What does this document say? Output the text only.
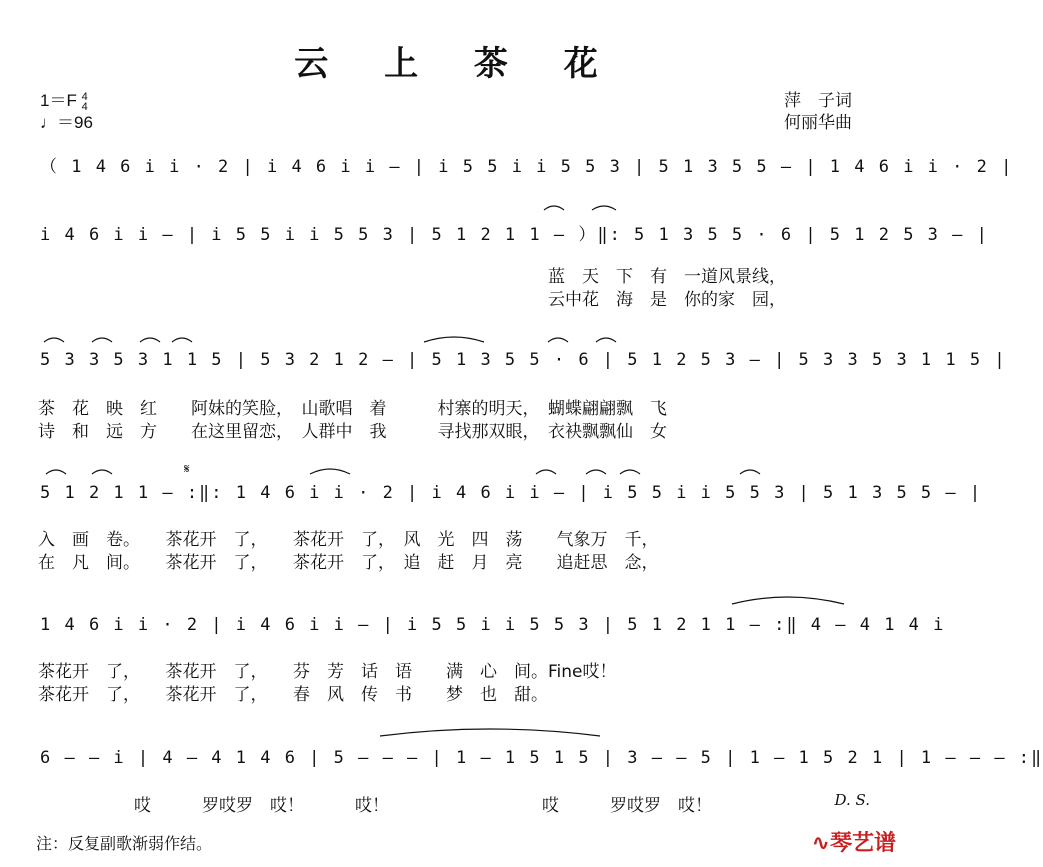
云 上 茶 花
1＝F 4
4
♩＝96
萍　子词
何丽华曲
（ 1 4 6 i i · 2 | i 4 6 i i – | i 5 5 i i 5 5 3 | 5 1 3 5 5 – | 1 4 6 i i · 2 |
i 4 6 i i – | i 5 5 i i 5 5 3 | 5 1 2 1 1 – ）‖: 5 1 3 5 5 · 6 | 5 1 2 5 3 – |
蓝　天　下　有　一道风景线，
云中花　海　是　你的家　园，
5 3 3 5 3 1 1 5 | 5 3 2 1 2 – | 5 1 3 5 5 · 6 | 5 1 2 5 3 – | 5 3 3 5 3 1 1 5 |
茶　花　映　红　　阿妹的笑脸，　山歌唱　着　　　村寨的明天，　蝴蝶翩翩飘　飞
诗　和　远　方　　在这里留恋，　人群中　我　　　寻找那双眼，　衣袂飘飘仙　女
𝄋
5 1 2 1 1 – :‖: 1 4 6 i i · 2 | i 4 6 i i – | i 5 5 i i 5 5 3 | 5 1 3 5 5 – |
入　画　卷。　　茶花开　了，　　茶花开　了，　风　光　四　荡　　气象万　千，
在　凡　间。　　茶花开　了，　　茶花开　了，　追　赶　月　亮　　追赶思　念，
1 4 6 i i · 2 | i 4 6 i i – | i 5 5 i i 5 5 3 | 5 1 2 1 1 – :‖ 4 – 4 1 4 i
茶花开　了，　　茶花开　了，　　芬　芳　话　语　　满　心　间。Fine哎！
茶花开　了，　　茶花开　了，　　春　风　传　书　　梦　也　甜。
6 – – i | 4 – 4 1 4 6 | 5 – – – | 1 – 1 5 1 5 | 3 – – 5 | 1 – 1 5 2 1 | 1 – – – :‖
　　哎　　　罗哎罗　哎！　　　哎！　　　　　　　　　哎　　　罗哎罗　哎！	D. S.
注：反复副歌渐弱作结。	∿琴艺谱
